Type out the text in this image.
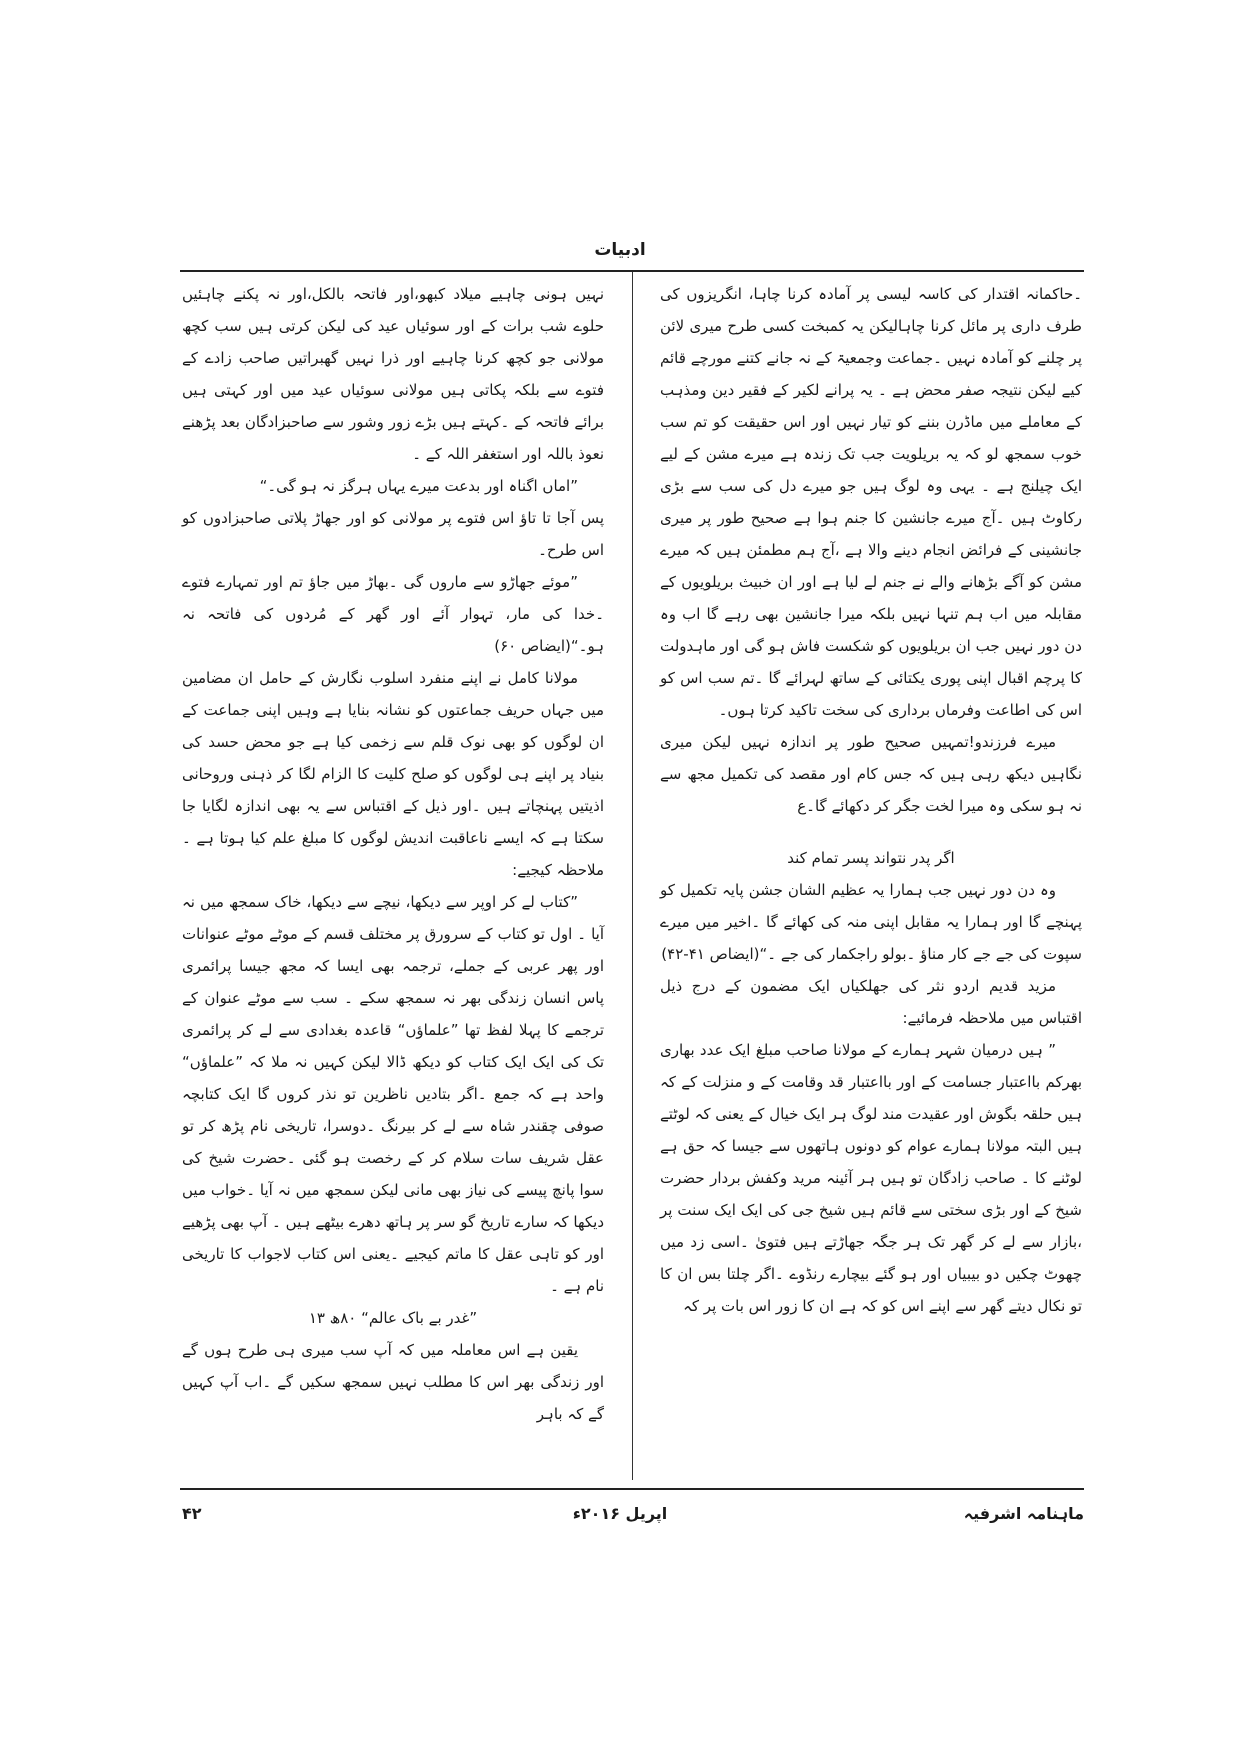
ادبیات

۔حاکمانہ اقتدار کی کاسہ لیسی پر آمادہ کرنا چاہا، انگریزوں کی طرف داری پر مائل کرنا چاہالیکن یہ کمبخت کسی طرح میری لائن پر چلنے کو آمادہ نہیں ۔جماعت وجمعیۃ کے نہ جانے کتنے مورچے قائم کیے لیکن نتیجہ صفر محض ہے ۔ یہ پرانے لکیر کے فقیر دین ومذہب کے معاملے میں ماڈرن بننے کو تیار نہیں اور اس حقیقت کو تم سب خوب سمجھ لو کہ یہ بریلویت جب تک زندہ ہے میرے مشن کے لیے ایک چیلنج ہے ۔ یہی وہ لوگ ہیں جو میرے دل کی سب سے بڑی رکاوٹ ہیں ۔آج میرے جانشین کا جنم ہوا ہے صحیح طور پر میری جانشینی کے فرائض انجام دینے والا ہے ،آج ہم مطمئن ہیں کہ میرے مشن کو آگے بڑھانے والے نے جنم لے لیا ہے اور ان خبیث بریلویوں کے مقابلہ میں اب ہم تنہا نہیں بلکہ میرا جانشین بھی رہے گا اب وہ دن دور نہیں جب ان بریلویوں کو شکست فاش ہو گی اور ماہدولت کا پرچم اقبال اپنی پوری یکتائی کے ساتھ لہرائے گا ۔تم سب اس کو اس کی اطاعت وفرماں برداری کی سخت تاکید کرتا ہوں۔

میرے فرزندو!تمہیں صحیح طور پر اندازہ نہیں لیکن میری نگاہیں دیکھ رہی ہیں کہ جس کام اور مقصد کی تکمیل مجھ سے نہ ہو سکی وہ میرا لخت جگر کر دکھائے گا۔ع

اگر پدر نتواند پسر تمام کند

وہ دن دور نہیں جب ہمارا یہ عظیم الشان جشن پایہ تکمیل کو پہنچے گا اور ہمارا یہ مقابل اپنی منہ کی کھائے گا ۔اخیر میں میرے سپوت کی جے جے کار مناؤ ۔بولو راجکمار کی جے ۔“(ایضاص ۴۱-۴۲)

مزید قدیم اردو نثر کی جھلکیاں ایک مضمون کے درج ذیل اقتباس میں ملاحظہ فرمائیے:

” ہیں درمیان شہر ہمارے کے مولانا صاحب مبلغ ایک عدد بھاری بھرکم بااعتبار جسامت کے اور بااعتبار قد وقامت کے و منزلت کے کہ ہیں حلقہ بگوش اور عقیدت مند لوگ ہر ایک خیال کے یعنی کہ لوٹتے ہیں البتہ مولانا ہمارے عوام کو دونوں ہاتھوں سے جیسا کہ حق ہے لوٹنے کا ۔ صاحب زادگان تو ہیں ہر آئینہ مرید وکفش بردار حضرت شیخ کے اور بڑی سختی سے قائم ہیں شیخ جی کی ایک ایک سنت پر ،بازار سے لے کر گھر تک ہر جگہ جھاڑتے ہیں فتویٰ ۔اسی زد میں چھوٹ چکیں دو بیبیاں اور ہو گئے بیچارے رنڈوے ۔اگر چلتا بس ان کا تو نکال دیتے گھر سے اپنے اس کو کہ ہے ان کا زور اس بات پر کہ

نہیں ہونی چاہیے میلاد کبھو،اور فاتحہ بالکل،اور نہ پکنے چاہئیں حلوے شب برات کے اور سوئیاں عید کی لیکن کرتی ہیں سب کچھ مولانی جو کچھ کرنا چاہیے اور ذرا نہیں گھبراتیں صاحب زادے کے فتوے سے بلکہ پکاتی ہیں مولانی سوئیاں عید میں اور کہتی ہیں برائے فاتحہ کے ۔کہتے ہیں بڑے زور وشور سے صاحبزادگان بعد پڑھنے نعوذ باللہ اور استغفر اللہ کے ۔

”اماں اگناہ اور بدعت میرے یہاں ہرگز نہ ہو گی۔“

پس آجا تا تاؤ اس فتوے پر مولانی کو اور جھاڑ پلاتی صاحبزادوں کو اس طرح۔

”موئے جھاڑو سے ماروں گی ۔بھاڑ میں جاؤ تم اور تمہارے فتوے ۔خدا کی مار، تہوار آئے اور گھر کے مُردوں کی فاتحہ نہ ہو۔“(ایضاص ۶۰)

مولانا کامل نے اپنے منفرد اسلوب نگارش کے حامل ان مضامین میں جہاں حریف جماعتوں کو نشانہ بنایا ہے وہیں اپنی جماعت کے ان لوگوں کو بھی نوک قلم سے زخمی کیا ہے جو محض حسد کی بنیاد پر اپنے ہی لوگوں کو صلح کلیت کا الزام لگا کر ذہنی وروحانی اذیتیں پہنچاتے ہیں ۔اور ذیل کے اقتباس سے یہ بھی اندازہ لگایا جا سکتا ہے کہ ایسے ناعاقبت اندیش لوگوں کا مبلغ علم کیا ہوتا ہے ۔ملاحظہ کیجیے:

”کتاب لے کر اوپر سے دیکھا، نیچے سے دیکھا، خاک سمجھ میں نہ آیا ۔ اول تو کتاب کے سرورق پر مختلف قسم کے موٹے موٹے عنوانات اور پھر عربی کے جملے، ترجمہ بھی ایسا کہ مجھ جیسا پرائمری پاس انسان زندگی بھر نہ سمجھ سکے ۔ سب سے موٹے عنوان کے ترجمے کا پہلا لفظ تھا ”علماؤں“ قاعدہ بغدادی سے لے کر پرائمری تک کی ایک ایک کتاب کو دیکھ ڈالا لیکن کہیں نہ ملا کہ ”علماؤں“ واحد ہے کہ جمع ۔اگر بتادیں ناظرین تو نذر کروں گا ایک کتابچہ صوفی چقندر شاہ سے لے کر بیرنگ ۔دوسرا، تاریخی نام پڑھ کر تو عقل شریف سات سلام کر کے رخصت ہو گئی ۔حضرت شیخ کی سوا پانچ پیسے کی نیاز بھی مانی لیکن سمجھ میں نہ آیا ۔خواب میں دیکھا کہ سارے تاریخ گو سر پر ہاتھ دھرے بیٹھے ہیں ۔ آپ بھی پڑھیے اور کو تاہی عقل کا ماتم کیجیے ۔یعنی اس کتاب لاجواب کا تاریخی نام ہے ۔

”غدر بے باک عالم“ ۸۰ھ ۱۳

یقین ہے اس معاملہ میں کہ آپ سب میری ہی طرح ہوں گے اور زندگی بھر اس کا مطلب نہیں سمجھ سکیں گے ۔اب آپ کہیں گے کہ باہر

ماہنامہ اشرفیہ
اپریل ۲۰۱۶ء
۴۲
